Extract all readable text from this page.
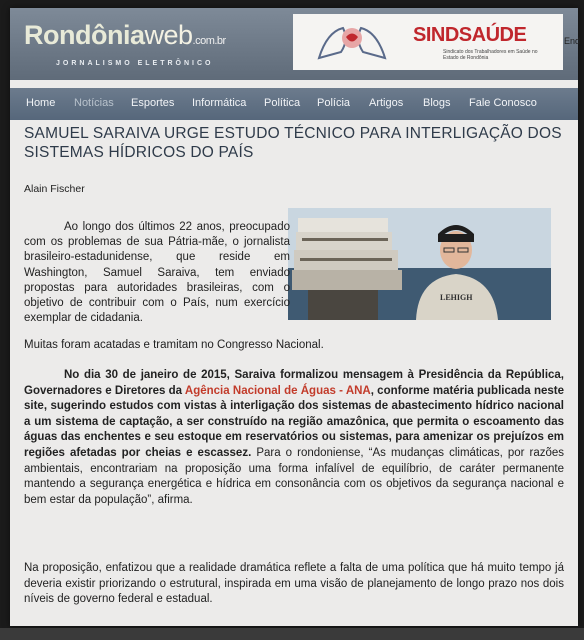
Rondôniaweb.com.br
JORNALISMO ELETRÔNICO
SINDSAÚDE
Sindicato dos Trabalhadores em Saúde no Estado de Rondônia
End
Home Notícias Esportes Informática Política Polícia Artigos Blogs Fale Conosco
SAMUEL SARAIVA URGE ESTUDO TÉCNICO PARA INTERLIGAÇÃO DOS SISTEMAS HÍDRICOS DO PAÍS
Alain Fischer
LEHIGH
Ao longo dos últimos 22 anos, preocupado com os problemas de sua Pátria-mãe, o jornalista brasileiro-estadunidense, que reside em Washington, Samuel Saraiva, tem enviado propostas para autoridades brasileiras, com o objetivo de contribuir com o País, num exercício exemplar de cidadania.
Muitas foram acatadas e tramitam no Congresso Nacional.
No dia 30 de janeiro de 2015, Saraiva formalizou mensagem à Presidência da República, Governadores e Diretores da Agência Nacional de Águas - ANA, conforme matéria publicada neste site, sugerindo estudos com vistas à interligação dos sistemas de abastecimento hídrico nacional a um sistema de captação, a ser construído na região amazônica, que permita o escoamento das águas das enchentes e seu estoque em reservatórios ou sistemas, para amenizar os prejuízos em regiões afetadas por cheias e escassez. Para o rondoniense, “As mudanças climáticas, por razões ambientais, encontrariam na proposição uma forma infalível de equilíbrio, de caráter permanente mantendo a segurança energética e hídrica em consonância com os objetivos da segurança nacional e bem estar da população”, afirma.
Na proposição, enfatizou que a realidade dramática reflete a falta de uma política que há muito tempo já deveria existir priorizando o estrutural, inspirada em uma visão de planejamento de longo prazo nos dois níveis de governo federal e estadual.
